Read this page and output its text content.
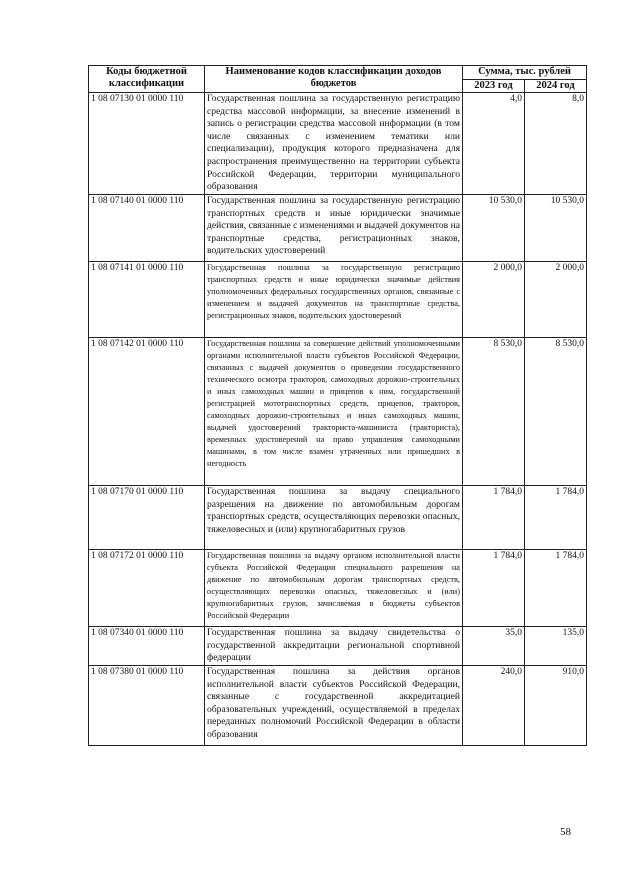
Коды бюджетной классификации	Наименование кодов классификации доходов бюджетов	Сумма, тыс. рублей	
		2023 год	2024 год
1 08 07130 01 0000 110	Государственная пошлина за государственную регистрацию средства массовой информации, за внесение изменений в запись о регистрации средства массовой информации (в том числе связанных с изменением тематики или специализации), продукция которого предназначена для распространения преимущественно на территории субъекта Российской Федерации, территории муниципального образования	4,0	8,0
1 08 07140 01 0000 110	Государственная пошлина за государственную регистрацию транспортных средств и иные юридически значимые действия, связанные с изменениями и выдачей документов на транспортные средства, регистрационных знаков, водительских удостоверений	10 530,0	10 530,0
1 08 07141 01 0000 110	Государственная пошлина за государственную регистрацию транспортных средств и иные юридически значимые действия уполномоченных федеральных государственных органов, связанные с изменением и выдачей документов на транспортные средства, регистрационных знаков, водительских удостоверений	2 000,0	2 000,0
1 08 07142 01 0000 110	Государственная пошлина за совершение действий уполномоченными органами исполнительной власти субъектов Российской Федерации, связанных с выдачей документов о проведении государственного технического осмотра тракторов, самоходных дорожно-строительных и иных самоходных машин и прицепов к ним, государственной регистрацией мототранспортных средств, прицепов, тракторов, самоходных дорожно-строительных и иных самоходных машин, выдачей удостоверений тракториста-машиниста (тракториста), временных удостоверений на право управления самоходными машинами, в том числе взамен утраченных или пришедших в негодность	8 530,0	8 530,0
1 08 07170 01 0000 110	Государственная пошлина за выдачу специального разрешения на движение по автомобильным дорогам транспортных средств, осуществляющих перевозки опасных, тяжеловесных и (или) крупногабаритных грузов	1 784,0	1 784,0
1 08 07172 01 0000 110	Государственная пошлина за выдачу органом исполнительной власти субъекта Российской Федерации специального разрешения на движение по автомобильным дорогам транспортных средств, осуществляющих перевозки опасных, тяжеловесных и (или) крупногабаритных грузов, зачисляемая в бюджеты субъектов Российской Федерации	1 784,0	1 784,0
1 08 07340 01 0000 110	Государственная пошлина за выдачу свидетельства о государственной аккредитации региональной спортивной федерации	35,0	135,0
1 08 07380 01 0000 110	Государственная пошлина за действия органов исполнительной власти субъектов Российской Федерации, связанные с государственной аккредитацией образовательных учреждений, осуществляемой в пределах переданных полномочий Российской Федерации в области образования	240,0	910,0
58
